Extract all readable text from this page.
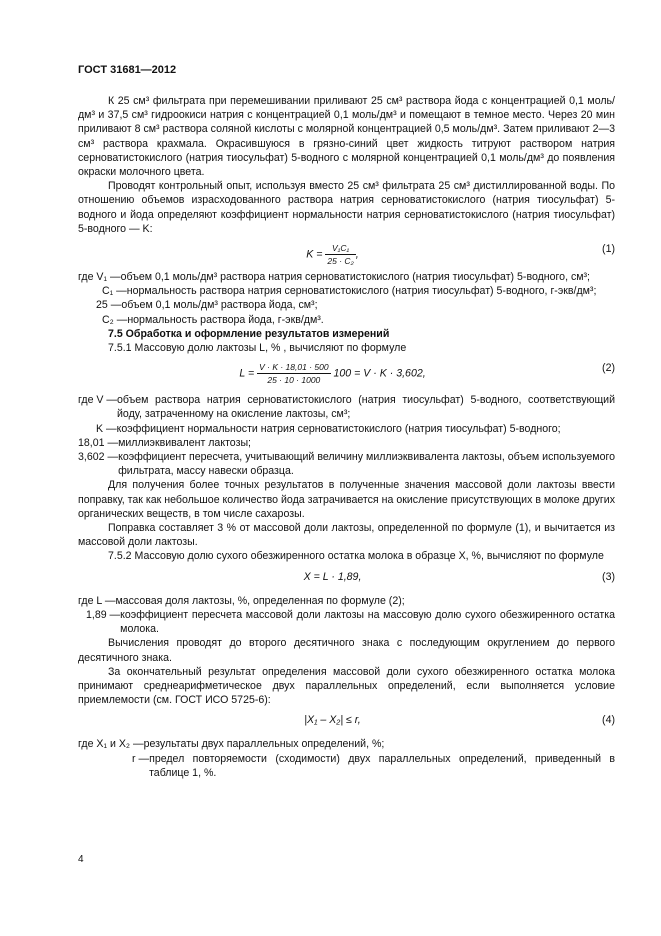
ГОСТ 31681—2012

К 25 см³ фильтрата при перемешивании приливают 25 см³ раствора йода с концентрацией 0,1 моль/дм³ и 37,5 см³ гидроокиси натрия с концентрацией 0,1 моль/дм³ и помещают в темное место. Через 20 мин приливают 8 см³ раствора соляной кислоты с молярной концентрацией 0,5 моль/дм³. Затем приливают 2—3 см³ раствора крахмала. Окрасившуюся в грязно-синий цвет жидкость титруют раствором натрия серноватистокислого (натрия тиосульфат) 5-водного с молярной концентрацией 0,1 моль/дм³ до появления окраски молочного цвета.

Проводят контрольный опыт, используя вместо 25 см³ фильтрата 25 см³ дистиллированной воды. По отношению объемов израсходованного раствора натрия серноватистокислого (натрия тиосульфат) 5-водного и йода определяют коэффициент нормальности натрия серноватистокислого (натрия тиосульфат) 5-водного — K:

$K = \frac{\text{V₁C₁}}{\text{25 · C₂}}$ ,	(1)
где V₁ — объем 0,1 моль/дм³ раствора натрия серноватистокислого (натрия тиосульфат) 5-водного, см³;
C₁ — нормальность раствора натрия серноватистокислого (натрия тиосульфат) 5-водного, г-экв/дм³;
25 — объем 0,1 моль/дм³ раствора йода, см³;
C₂ — нормальность раствора йода, г-экв/дм³.

7.5 Обработка и оформление результатов измерений

7.5.1 Массовую долю лактозы L, % , вычисляют по формуле

$L = \frac{V \cdot K \cdot 18,01 \cdot 500}{25 \cdot 10 \cdot 1000} 100 = V \cdot K \cdot 3,602$,	(2)
где V — объем раствора натрия серноватистокислого (натрия тиосульфат) 5-водного, соответствующий йоду, затраченному на окисление лактозы, см³;
K — коэффициент нормальности натрия серноватистокислого (натрия тиосульфат) 5-водного;
18,01 — миллиэквивалент лактозы;
3,602 — коэффициент пересчета, учитывающий величину миллиэквивалента лактозы, объем используемого фильтрата, массу навески образца.

Для получения более точных результатов в полученные значения массовой доли лактозы ввести поправку, так как небольшое количество йода затрачивается на окисление присутствующих в молоке других органических веществ, в том числе сахарозы.

Поправка составляет 3 % от массовой доли лактозы, определенной по формуле (1), и вычитается из массовой доли лактозы.

7.5.2 Массовую долю сухого обезжиренного остатка молока в образце X, %, вычисляют по формуле

X = L · 1,89,	(3)
где L — массовая доля лактозы, %, определенная по формуле (2);
1,89 — коэффициент пересчета массовой доли лактозы на массовую долю сухого обезжиренного остатка молока.

Вычисления проводят до второго десятичного знака с последующим округлением до первого десятичного знака.

За окончательный результат определения массовой доли сухого обезжиренного остатка молока принимают среднеарифметическое двух параллельных определений, если выполняется условие приемлемости (см. ГОСТ ИСО 5725-6):

|X₁ – X₂| ≤ r,	(4)
где X₁ и X₂ — результаты двух параллельных определений, %;
r — предел повторяемости (сходимости) двух параллельных определений, приведенный в таблице 1, %.
4
